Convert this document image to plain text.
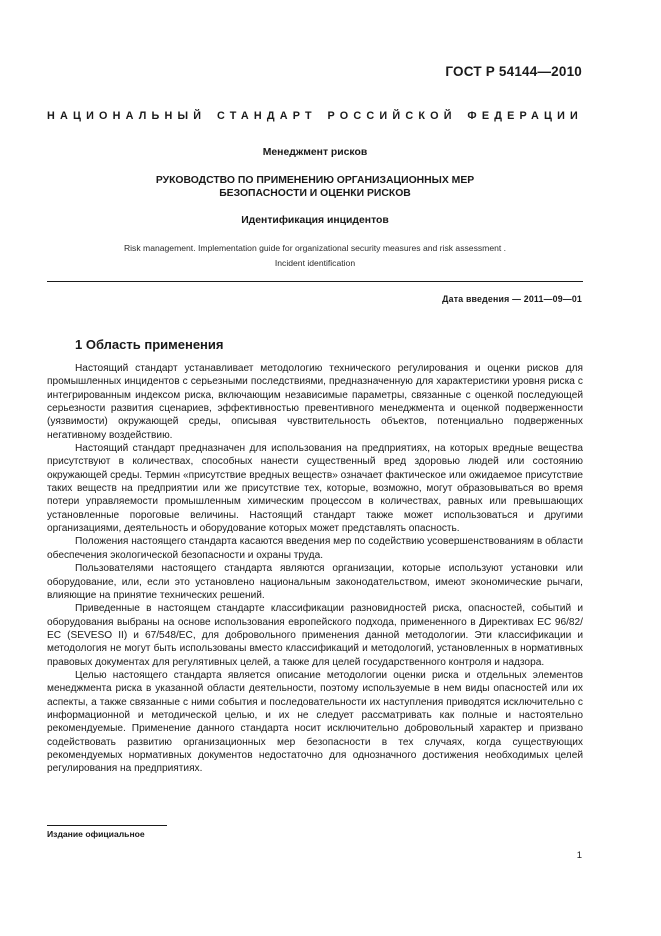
ГОСТ Р 54144—2010
НАЦИОНАЛЬНЫЙ СТАНДАРТ РОССИЙСКОЙ ФЕДЕРАЦИИ
Менеджмент рисков
РУКОВОДСТВО ПО ПРИМЕНЕНИЮ ОРГАНИЗАЦИОННЫХ МЕР
БЕЗОПАСНОСТИ И ОЦЕНКИ РИСКОВ
Идентификация инцидентов
Risk management. Implementation guide for organizational security measures and risk assessment .
Incident identification
Дата введения — 2011—09—01
1 Область применения

Настоящий стандарт устанавливает методологию технического регулирования и оценки рисков для промышленных инцидентов с серьезными последствиями, предназначенную для характеристики уровня риска с интегрированным индексом риска, включающим независимые параметры, связанные с оценкой последующей серьезности развития сценариев, эффективностью превентивного менеджмента и оценкой подверженности (уязвимости) окружающей среды, описывая чувствительность объектов, потенциально подверженных негативному воздействию.

Настоящий стандарт предназначен для использования на предприятиях, на которых вредные вещества присутствуют в количествах, способных нанести существенный вред здоровью людей или состоянию окружающей среды. Термин «присутствие вредных веществ» означает фактическое или ожидаемое присутствие таких веществ на предприятии или же присутствие тех, которые, возможно, могут образовываться во время потери управляемости промышленным химическим процессом в количествах, равных или превышающих установленные пороговые величины. Настоящий стандарт также может использоваться и другими организациями, деятельность и оборудование которых может представлять опасность.

Положения настоящего стандарта касаются введения мер по содействию усовершенствованиям в области обеспечения экологической безопасности и охраны труда.

Пользователями настоящего стандарта являются организации, которые используют установки или оборудование, или, если это установлено национальным законодательством, имеют экономические рычаги, влияющие на принятие технических решений.

Приведенные в настоящем стандарте классификации разновидностей риска, опасностей, событий и оборудования выбраны на основе использования европейского подхода, примененного в Директивах ЕС 96/82/ЕС (SEVESO II) и 67/548/ЕС, для добровольного применения данной методологии. Эти классификации и методология не могут быть использованы вместо классификаций и методологий, установленных в нормативных правовых документах для регулятивных целей, а также для целей государственного контроля и надзора.

Целью настоящего стандарта является описание методологии оценки риска и отдельных элементов менеджмента риска в указанной области деятельности, поэтому используемые в нем виды опасностей или их аспекты, а также связанные с ними события и последовательности их наступления приводятся исключительно с информационной и методической целью, и их не следует рассматривать как полные и настоятельно рекомендуемые. Применение данного стандарта носит исключительно добровольный характер и призвано содействовать развитию организационных мер безопасности в тех случаях, когда существующих рекомендуемых нормативных документов недостаточно для однозначного достижения необходимых целей регулирования на предприятиях.

Издание официальное
1
